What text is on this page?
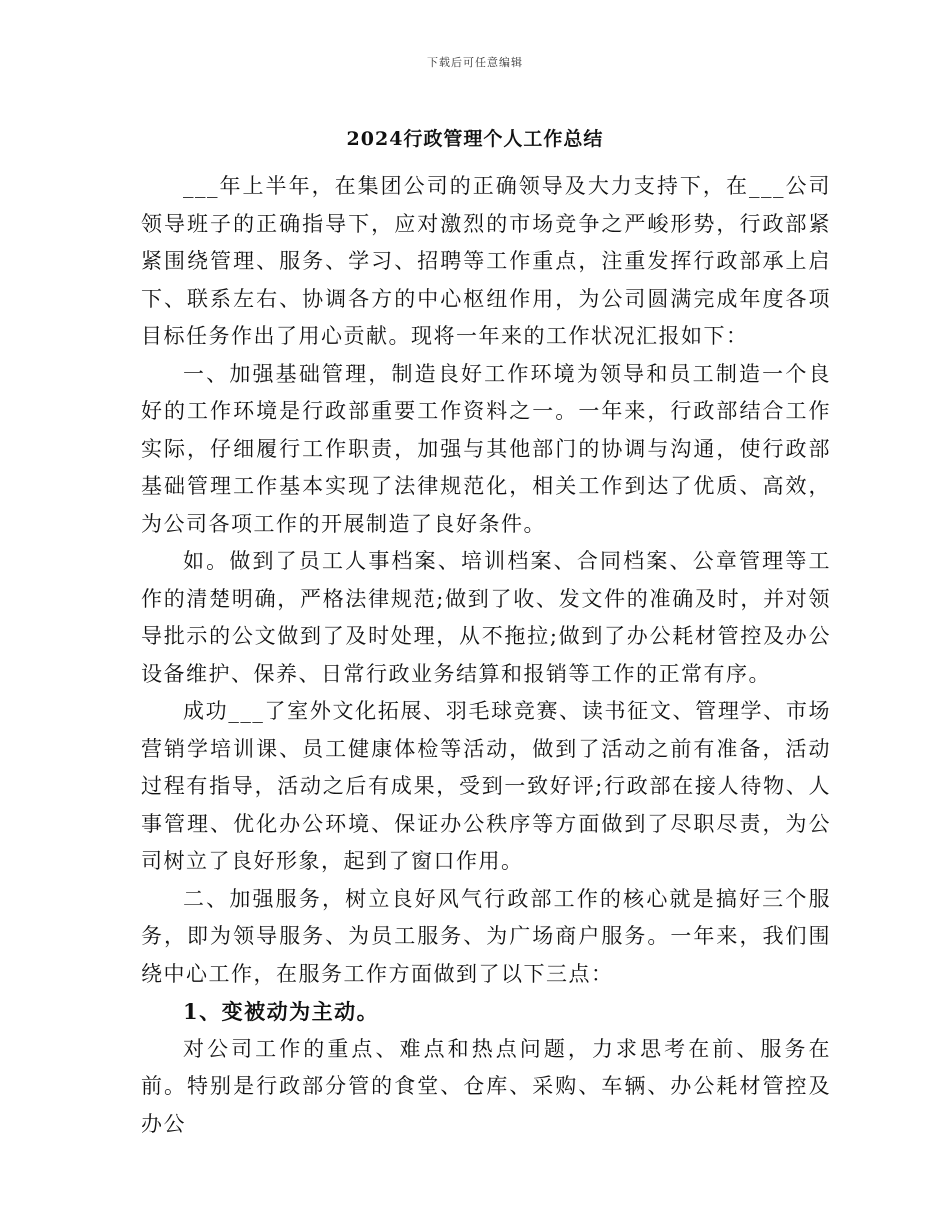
下载后可任意编辑
2024行政管理个人工作总结

___年上半年，在集团公司的正确领导及大力支持下，在___公司领导班子的正确指导下，应对激烈的市场竞争之严峻形势，行政部紧紧围绕管理、服务、学习、招聘等工作重点，注重发挥行政部承上启下、联系左右、协调各方的中心枢纽作用，为公司圆满完成年度各项目标任务作出了用心贡献。现将一年来的工作状况汇报如下：

一、加强基础管理，制造良好工作环境为领导和员工制造一个良好的工作环境是行政部重要工作资料之一。一年来，行政部结合工作实际，仔细履行工作职责，加强与其他部门的协调与沟通，使行政部基础管理工作基本实现了法律规范化，相关工作到达了优质、高效，为公司各项工作的开展制造了良好条件。

如。做到了员工人事档案、培训档案、合同档案、公章管理等工作的清楚明确，严格法律规范;做到了收、发文件的准确及时，并对领导批示的公文做到了及时处理，从不拖拉;做到了办公耗材管控及办公设备维护、保养、日常行政业务结算和报销等工作的正常有序。

成功___了室外文化拓展、羽毛球竞赛、读书征文、管理学、市场营销学培训课、员工健康体检等活动，做到了活动之前有准备，活动过程有指导，活动之后有成果，受到一致好评;行政部在接人待物、人事管理、优化办公环境、保证办公秩序等方面做到了尽职尽责，为公司树立了良好形象，起到了窗口作用。

二、加强服务，树立良好风气行政部工作的核心就是搞好三个服务，即为领导服务、为员工服务、为广场商户服务。一年来，我们围绕中心工作，在服务工作方面做到了以下三点：

1、变被动为主动。

对公司工作的重点、难点和热点问题，力求思考在前、服务在前。特别是行政部分管的食堂、仓库、采购、车辆、办公耗材管控及办公
